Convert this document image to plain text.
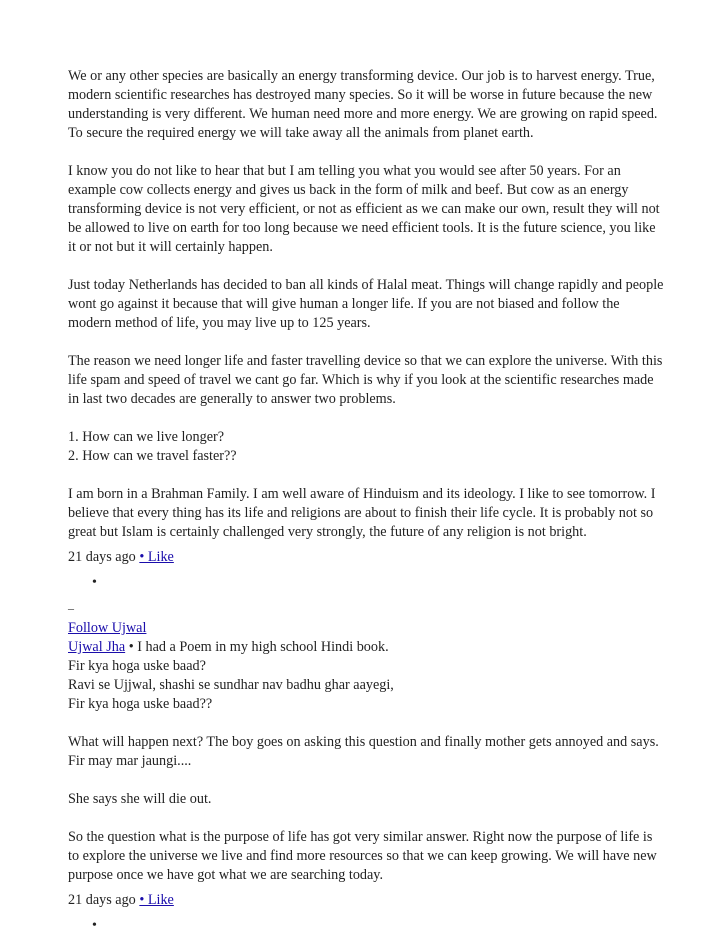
We or any other species are basically an energy transforming device. Our job is to harvest energy. True, modern scientific researches has destroyed many species. So it will be worse in future because the new understanding is very different. We human need more and more energy. We are growing on rapid speed. To secure the required energy we will take away all the animals from planet earth.

I know you do not like to hear that but I am telling you what you would see after 50 years. For an example cow collects energy and gives us back in the form of milk and beef. But cow as an energy transforming device is not very efficient, or not as efficient as we can make our own, result they will not be allowed to live on earth for too long because we need efficient tools. It is the future science, you like it or not but it will certainly happen.

Just today Netherlands has decided to ban all kinds of Halal meat. Things will change rapidly and people wont go against it because that will give human a longer life. If you are not biased and follow the modern method of life, you may live up to 125 years.

The reason we need longer life and faster travelling device so that we can explore the universe. With this life spam and speed of travel we cant go far. Which is why if you look at the scientific researches made in last two decades are generally to answer two problems.

1. How can we live longer?
2. How can we travel faster??

I am born in a Brahman Family. I am well aware of Hinduism and its ideology. I like to see tomorrow. I believe that every thing has its life and religions are about to finish their life cycle. It is probably not so great but Islam is certainly challenged very strongly, the future of any religion is not bright.

21 days ago • Like
•
–
Follow Ujwal

Ujwal Jha • I had a Poem in my high school Hindi book.
Fir kya hoga uske baad?
Ravi se Ujjwal, shashi se sundhar nav badhu ghar aayegi,
Fir kya hoga uske baad??

What will happen next? The boy goes on asking this question and finally mother gets annoyed and says.
Fir may mar jaungi....

She says she will die out.

So the question what is the purpose of life has got very similar answer. Right now the purpose of life is to explore the universe we live and find more resources so that we can keep growing. We will have new purpose once we have got what we are searching today.

21 days ago • Like
•
